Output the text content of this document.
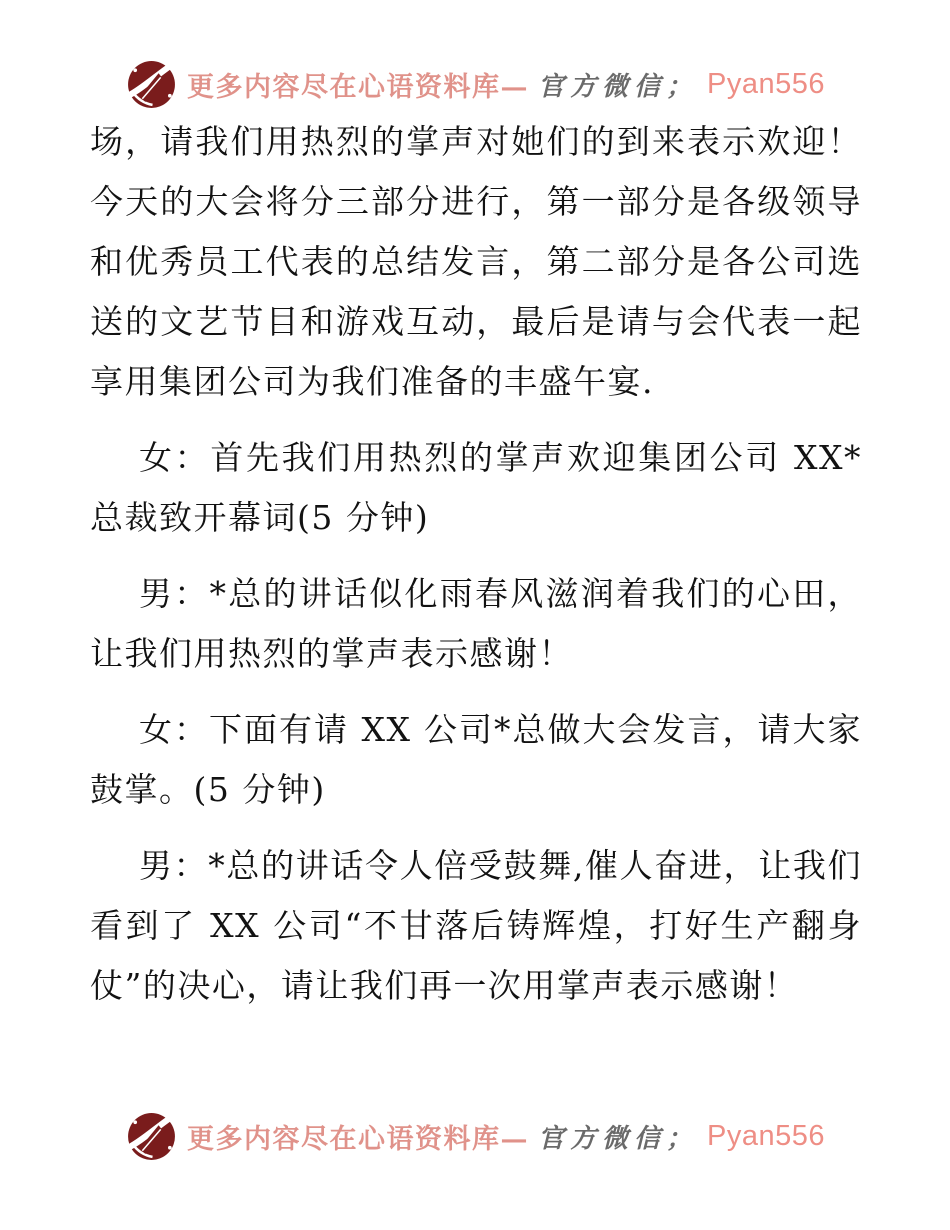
更多内容尽在心语资料库— 官方微信； Pyan556

场，请我们用热烈的掌声对她们的到来表示欢迎！今天的大会将分三部分进行，第一部分是各级领导和优秀员工代表的总结发言，第二部分是各公司选送的文艺节目和游戏互动，最后是请与会代表一起享用集团公司为我们准备的丰盛午宴.

女：首先我们用热烈的掌声欢迎集团公司 XX*总裁致开幕词(5 分钟)

男：*总的讲话似化雨春风滋润着我们的心田，让我们用热烈的掌声表示感谢！

女：下面有请 XX 公司*总做大会发言，请大家鼓掌。(5 分钟)

男：*总的讲话令人倍受鼓舞,催人奋进，让我们看到了 XX 公司“不甘落后铸辉煌，打好生产翻身仗”的决心，请让我们再一次用掌声表示感谢！

更多内容尽在心语资料库— 官方微信； Pyan556
